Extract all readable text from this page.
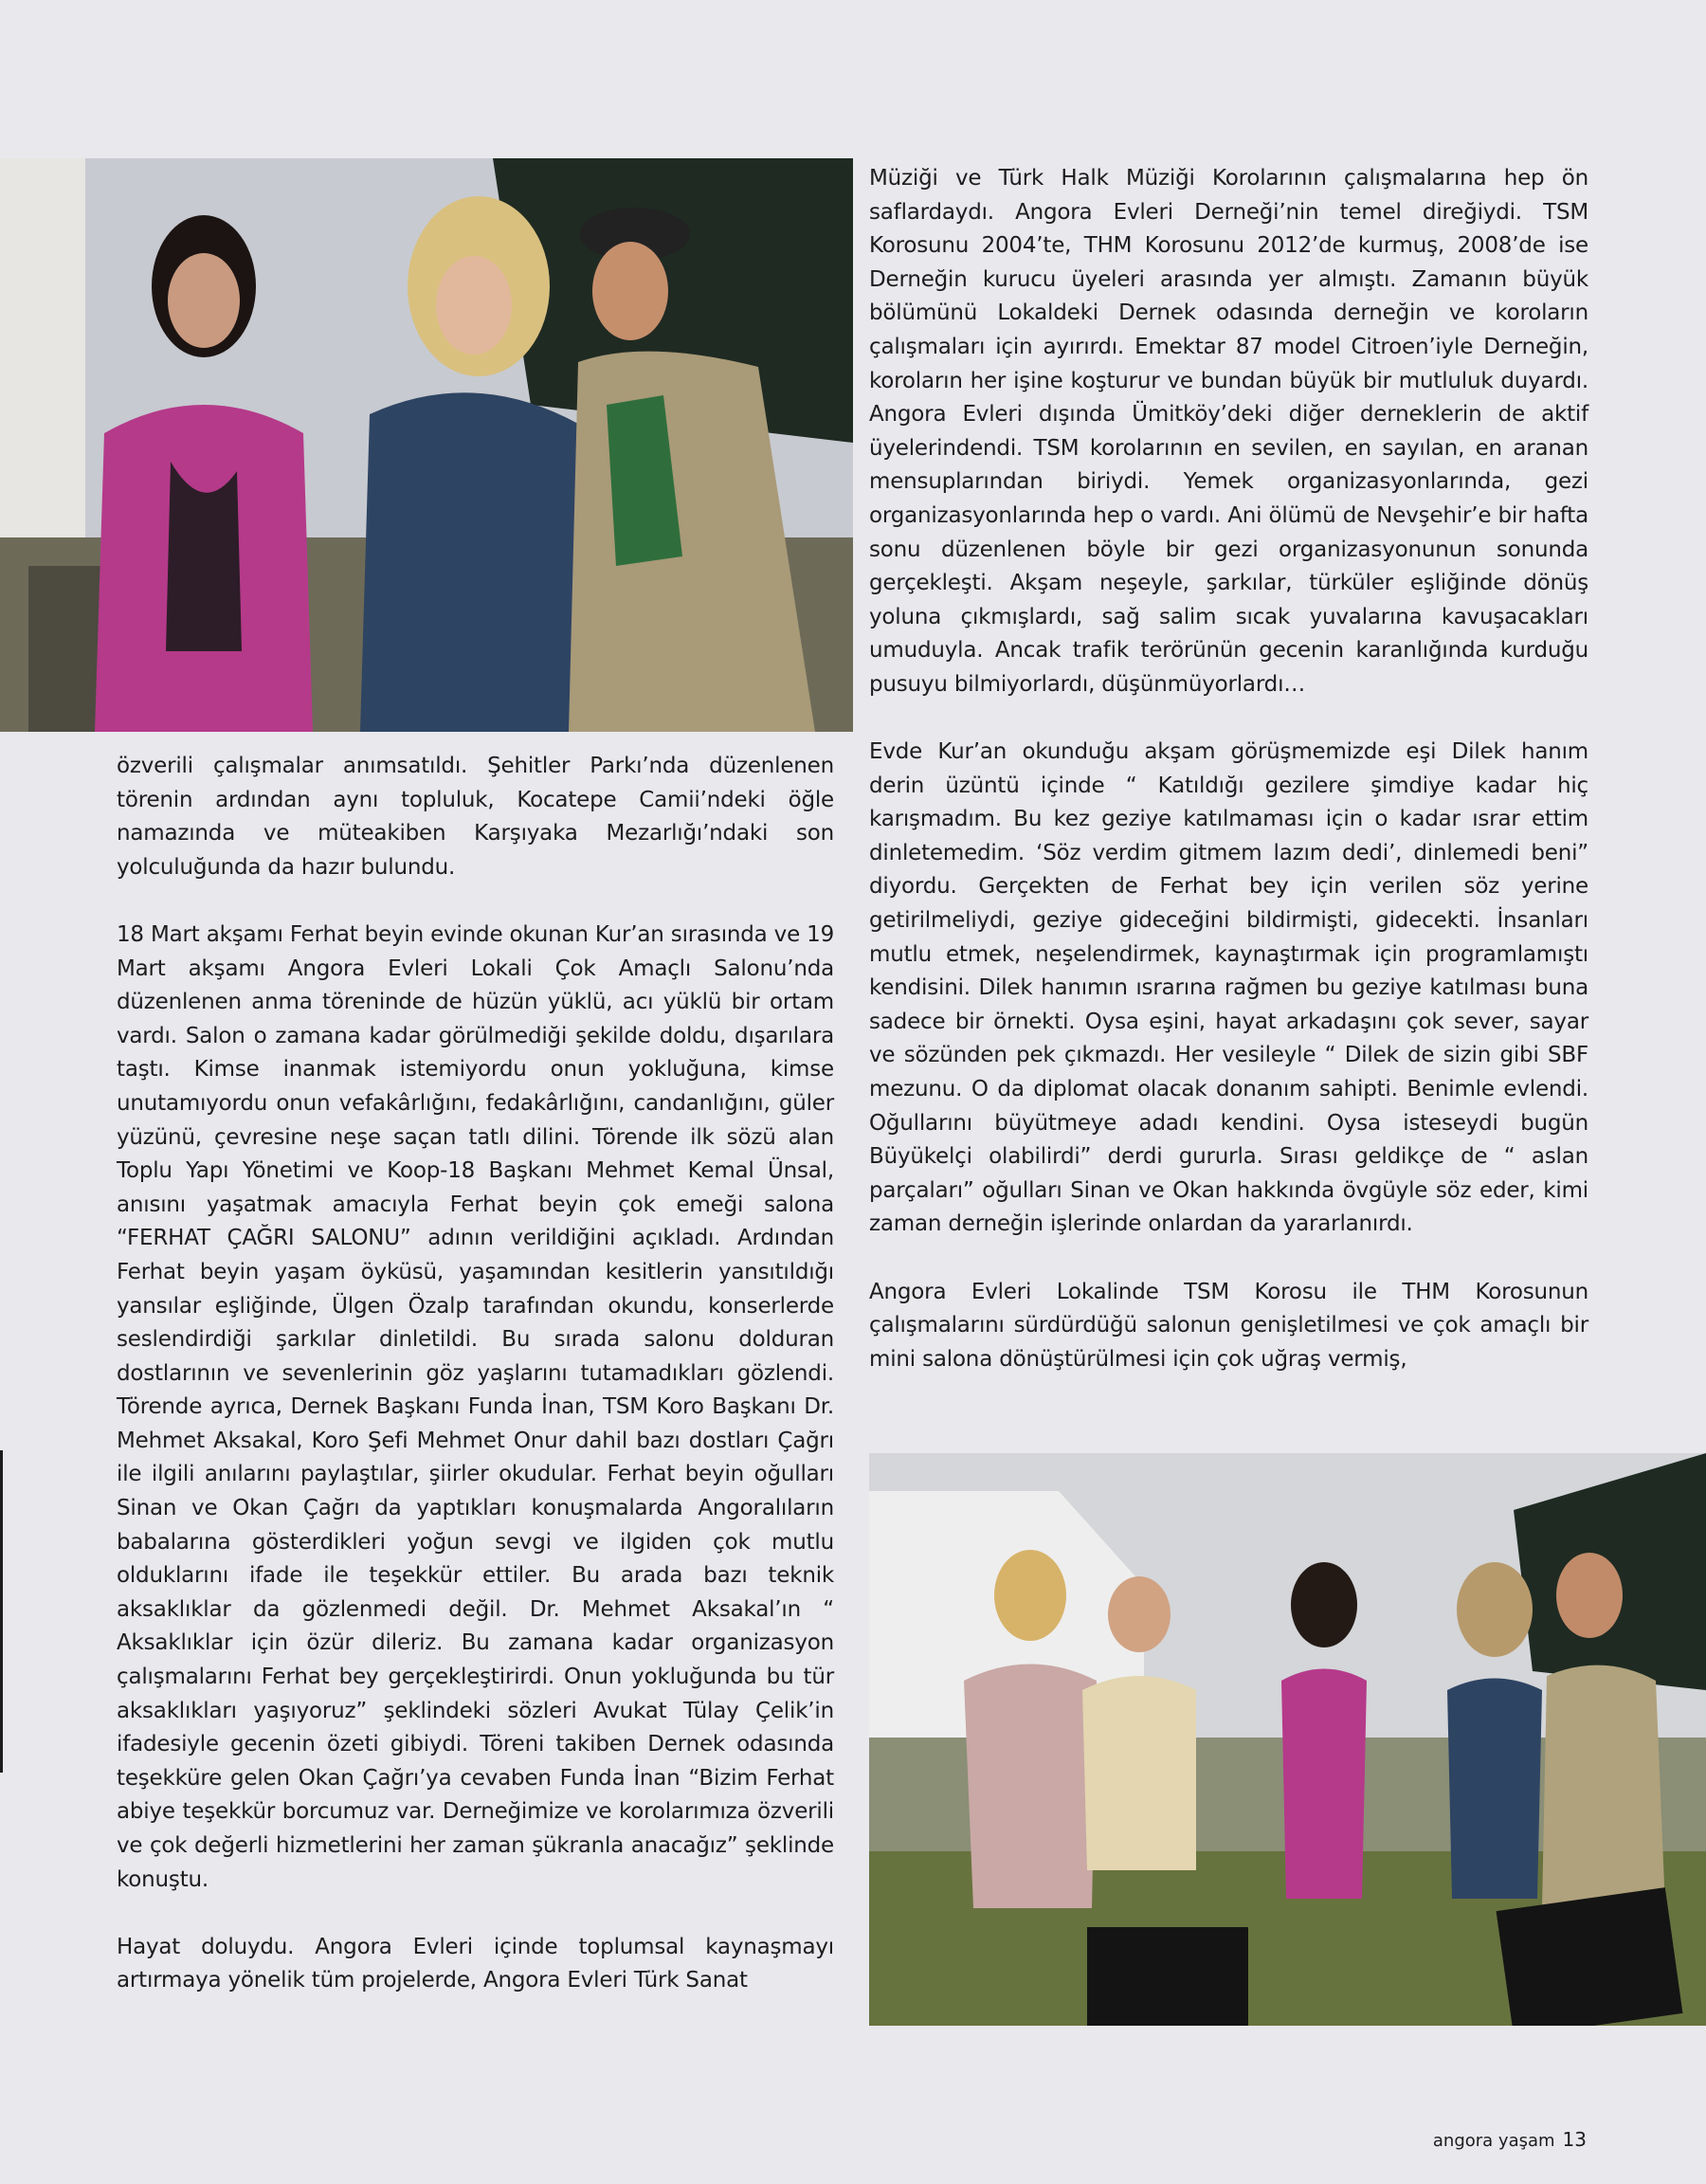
özverili çalışmalar anımsatıldı. Şehitler Parkı’nda düzenlenen törenin ardından aynı topluluk, Kocatepe Camii’ndeki öğle namazında ve müteakiben Karşıyaka Mezarlığı’ndaki son yolculuğunda da hazır bulundu.

18 Mart akşamı Ferhat beyin evinde okunan Kur’an sırasında ve 19 Mart akşamı Angora Evleri Lokali Çok Amaçlı Salonu’nda düzenlenen anma töreninde de hüzün yüklü, acı yüklü bir ortam vardı. Salon o zamana kadar görülmediği şekilde doldu, dışarılara taştı. Kimse inanmak istemiyordu onun yokluğuna, kimse unutamıyordu onun vefakârlığını, fedakârlığını, candanlığını, güler yüzünü, çevresine neşe saçan tatlı dilini. Törende ilk sözü alan Toplu Yapı Yönetimi ve Koop-18 Başkanı Mehmet Kemal Ünsal, anısını yaşatmak amacıyla Ferhat beyin çok emeği salona “FERHAT ÇAĞRI SALONU” adının verildiğini açıkladı. Ardından Ferhat beyin yaşam öyküsü, yaşamından kesitlerin yansıtıldığı yansılar eşliğinde, Ülgen Özalp tarafından okundu, konserlerde seslendirdiği şarkılar dinletildi. Bu sırada salonu dolduran dostlarının ve sevenlerinin göz yaşlarını tutamadıkları gözlendi. Törende ayrıca, Dernek Başkanı Funda İnan, TSM Koro Başkanı Dr. Mehmet Aksakal, Koro Şefi Mehmet Onur dahil bazı dostları Çağrı ile ilgili anılarını paylaştılar, şiirler okudular. Ferhat beyin oğulları Sinan ve Okan Çağrı da yaptıkları konuşmalarda Angoralıların babalarına gösterdikleri yoğun sevgi ve ilgiden çok mutlu olduklarını ifade ile teşekkür ettiler. Bu arada bazı teknik aksaklıklar da gözlenmedi değil. Dr. Mehmet Aksakal’ın “ Aksaklıklar için özür dileriz. Bu zamana kadar organizasyon çalışmalarını Ferhat bey gerçekleştirirdi. Onun yokluğunda bu tür aksaklıkları yaşıyoruz” şeklindeki sözleri Avukat Tülay Çelik’in ifadesiyle gecenin özeti gibiydi. Töreni takiben Dernek odasında teşekküre gelen Okan Çağrı’ya cevaben Funda İnan “Bizim Ferhat abiye teşekkür borcumuz var. Derneğimize ve korolarımıza özverili ve çok değerli hizmetlerini her zaman şükranla anacağız” şeklinde konuştu.

Hayat doluydu. Angora Evleri içinde toplumsal kaynaşmayı artırmaya yönelik tüm projelerde, Angora Evleri Türk Sanat

Müziği ve Türk Halk Müziği Korolarının çalışmalarına hep ön saflardaydı. Angora Evleri Derneği’nin temel direğiydi. TSM Korosunu 2004’te, THM Korosunu 2012’de kurmuş, 2008’de ise Derneğin kurucu üyeleri arasında yer almıştı. Zamanın büyük bölümünü Lokaldeki Dernek odasında derneğin ve koroların çalışmaları için ayırırdı. Emektar 87 model Citroen’iyle Derneğin, koroların her işine koşturur ve bundan büyük bir mutluluk duyardı. Angora Evleri dışında Ümitköy’deki diğer derneklerin de aktif üyelerindendi. TSM korolarının en sevilen, en sayılan, en aranan mensuplarından biriydi. Yemek organizasyonlarında, gezi organizasyonlarında hep o vardı. Ani ölümü de Nevşehir’e bir hafta sonu düzenlenen böyle bir gezi organizasyonunun sonunda gerçekleşti. Akşam neşeyle, şarkılar, türküler eşliğinde dönüş yoluna çıkmışlardı, sağ salim sıcak yuvalarına kavuşacakları umuduyla. Ancak trafik terörünün gecenin karanlığında kurduğu pusuyu bilmiyorlardı, düşünmüyorlardı…

Evde Kur’an okunduğu akşam görüşmemizde eşi Dilek hanım derin üzüntü içinde “ Katıldığı gezilere şimdiye kadar hiç karışmadım. Bu kez geziye katılmaması için o kadar ısrar ettim dinletemedim. ‘Söz verdim gitmem lazım dedi’, dinlemedi beni” diyordu. Gerçekten de Ferhat bey için verilen söz yerine getirilmeliydi, geziye gideceğini bildirmişti, gidecekti. İnsanları mutlu etmek, neşelendirmek, kaynaştırmak için programlamıştı kendisini. Dilek hanımın ısrarına rağmen bu geziye katılması buna sadece bir örnekti. Oysa eşini, hayat arkadaşını çok sever, sayar ve sözünden pek çıkmazdı. Her vesileyle “ Dilek de sizin gibi SBF mezunu. O da diplomat olacak donanım sahipti. Benimle evlendi. Oğullarını büyütmeye adadı kendini. Oysa isteseydi bugün Büyükelçi olabilirdi” derdi gururla. Sırası geldikçe de “ aslan parçaları” oğulları Sinan ve Okan hakkında övgüyle söz eder, kimi zaman derneğin işlerinde onlardan da yararlanırdı.

Angora Evleri Lokalinde TSM Korosu ile THM Korosunun çalışmalarını sürdürdüğü salonun genişletilmesi ve çok amaçlı bir mini salona dönüştürülmesi için çok uğraş vermiş,

angora yaşam 13
